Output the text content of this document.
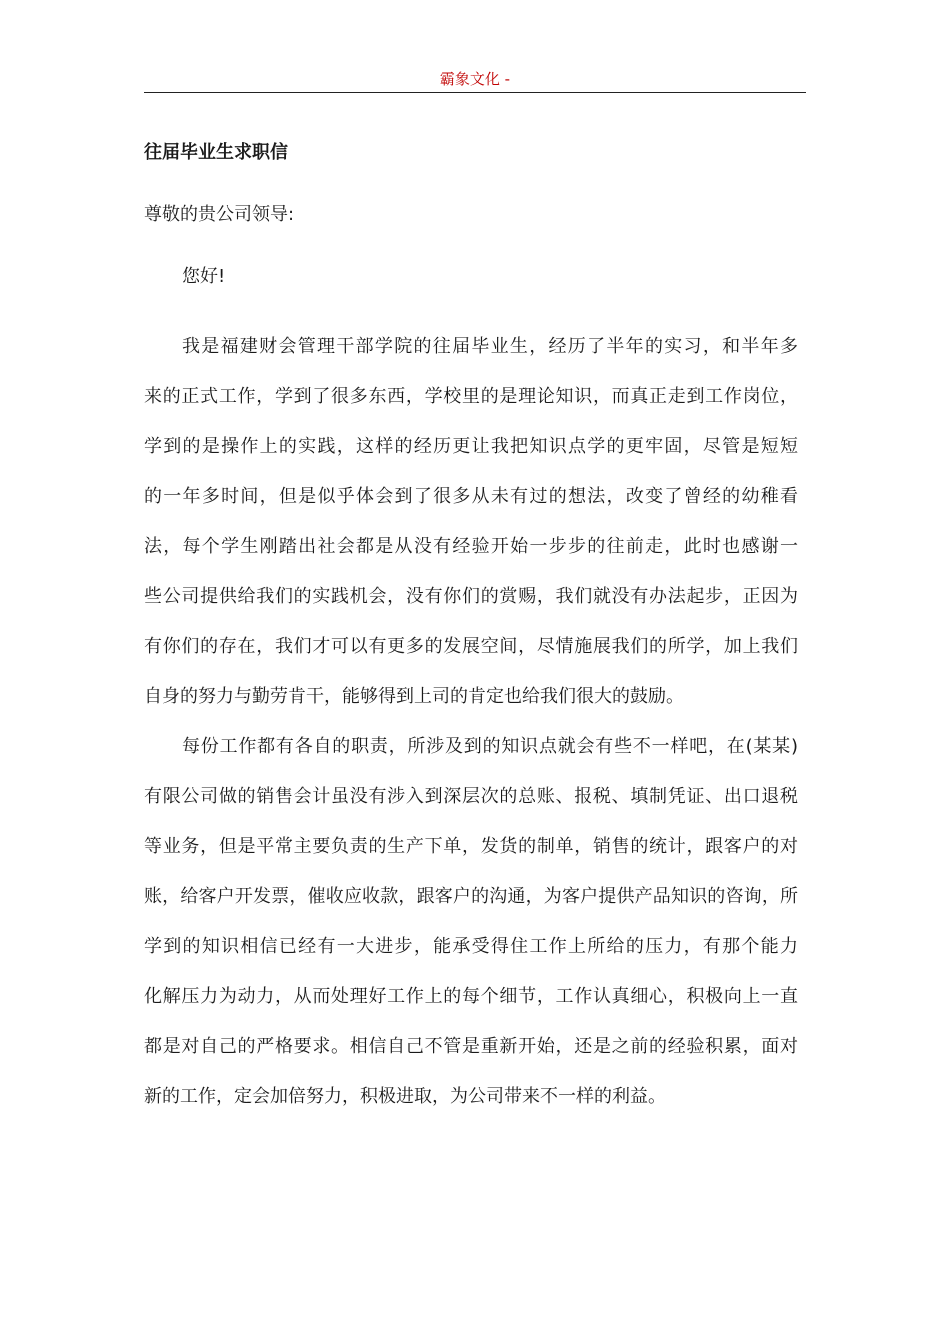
霸象文化 -
往届毕业生求职信
尊敬的贵公司领导:
您好!
我是福建财会管理干部学院的往届毕业生，经历了半年的实习，和半年多
来的正式工作，学到了很多东西，学校里的是理论知识，而真正走到工作岗位，
学到的是操作上的实践，这样的经历更让我把知识点学的更牢固，尽管是短短
的一年多时间，但是似乎体会到了很多从未有过的想法，改变了曾经的幼稚看
法，每个学生刚踏出社会都是从没有经验开始一步步的往前走，此时也感谢一
些公司提供给我们的实践机会，没有你们的赏赐，我们就没有办法起步，正因为
有你们的存在，我们才可以有更多的发展空间，尽情施展我们的所学，加上我们
自身的努力与勤劳肯干，能够得到上司的肯定也给我们很大的鼓励。
每份工作都有各自的职责，所涉及到的知识点就会有些不一样吧，在(某某)
有限公司做的销售会计虽没有涉入到深层次的总账、报税、填制凭证、出口退税
等业务，但是平常主要负责的生产下单，发货的制单，销售的统计，跟客户的对
账，给客户开发票，催收应收款，跟客户的沟通，为客户提供产品知识的咨询，所
学到的知识相信已经有一大进步，能承受得住工作上所给的压力，有那个能力
化解压力为动力，从而处理好工作上的每个细节，工作认真细心，积极向上一直
都是对自己的严格要求。相信自己不管是重新开始，还是之前的经验积累，面对
新的工作，定会加倍努力，积极进取，为公司带来不一样的利益。
